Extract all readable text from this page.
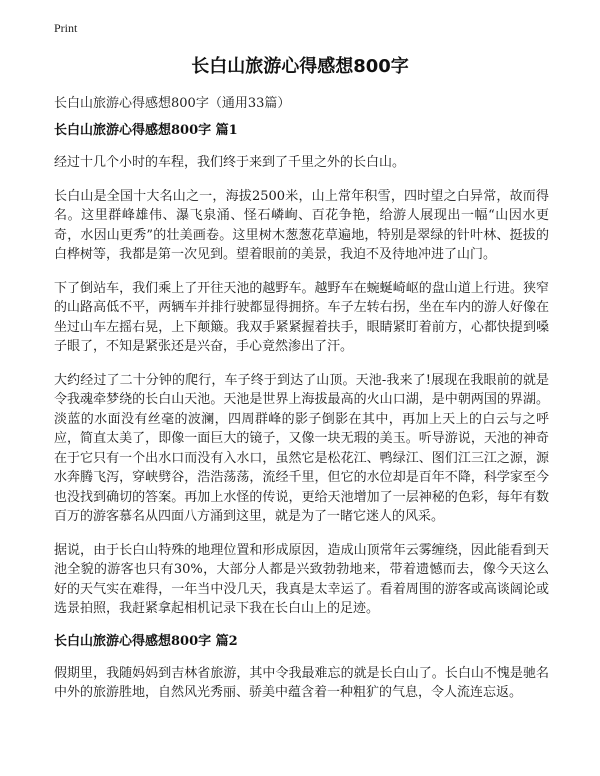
Print
长白山旅游心得感想800字
长白山旅游心得感想800字（通用33篇）
长白山旅游心得感想800字 篇1

经过十几个小时的车程，我们终于来到了千里之外的长白山。

长白山是全国十大名山之一，海拔2500米，山上常年积雪，四时望之白异常，故而得名。这里群峰雄伟、瀑飞泉涌、怪石嶙峋、百花争艳，给游人展现出一幅“山因水更奇，水因山更秀”的壮美画卷。这里树木葱葱花草遍地，特别是翠绿的针叶林、挺拔的白桦树等，我都是第一次见到。望着眼前的美景，我迫不及待地冲进了山门。

下了倒站车，我们乘上了开往天池的越野车。越野车在蜿蜒崎岖的盘山道上行进。狭窄的山路高低不平，两辆车并排行驶都显得拥挤。车子左转右拐，坐在车内的游人好像在坐过山车左摇右晃，上下颠簸。我双手紧紧握着扶手，眼睛紧盯着前方，心都快提到嗓子眼了，不知是紧张还是兴奋，手心竟然渗出了汗。

大约经过了二十分钟的爬行，车子终于到达了山顶。天池-我来了!展现在我眼前的就是令我魂牵梦绕的长白山天池。天池是世界上海拔最高的火山口湖，是中朝两国的界湖。淡蓝的水面没有丝毫的波澜，四周群峰的影子倒影在其中，再加上天上的白云与之呼应，简直太美了，即像一面巨大的镜子，又像一块无瑕的美玉。听导游说，天池的神奇在于它只有一个出水口而没有入水口，虽然它是松花江、鸭绿江、图们江三江之源，源水奔腾飞泻，穿峡劈谷，浩浩荡荡，流经千里，但它的水位却是百年不降，科学家至今也没找到确切的答案。再加上水怪的传说，更给天池增加了一层神秘的色彩，每年有数百万的游客慕名从四面八方涌到这里，就是为了一睹它迷人的风采。

据说，由于长白山特殊的地理位置和形成原因，造成山顶常年云雾缠绕，因此能看到天池全貌的游客也只有30%，大部分人都是兴致勃勃地来，带着遗憾而去，像今天这么好的天气实在难得，一年当中没几天，我真是太幸运了。看着周围的游客或高谈阔论或选景拍照，我赶紧拿起相机记录下我在长白山上的足迹。

长白山旅游心得感想800字 篇2

假期里，我随妈妈到吉林省旅游，其中令我最难忘的就是长白山了。长白山不愧是驰名中外的旅游胜地，自然风光秀丽、骄美中蕴含着一种粗犷的气息，令人流连忘返。
